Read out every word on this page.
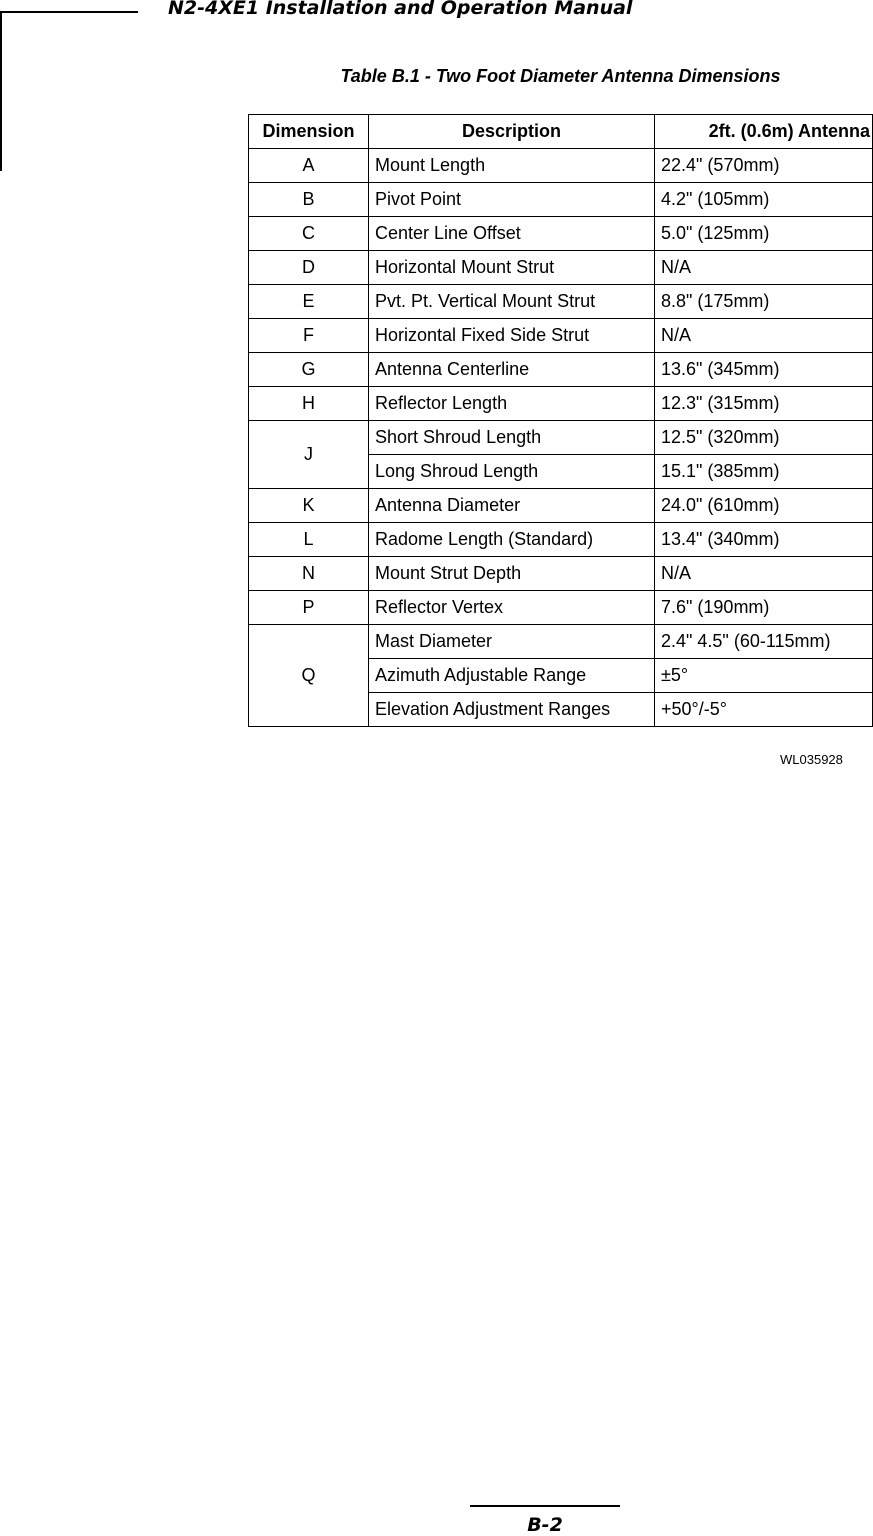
N2-4XE1 Installation and Operation Manual
Table B.1 - Two Foot Diameter Antenna Dimensions
Dimension	Description	2ft. (0.6m) Antenna
A	Mount Length	22.4" (570mm)
B	Pivot Point	4.2" (105mm)
C	Center Line Offset	5.0" (125mm)
D	Horizontal Mount Strut	N/A
E	Pvt. Pt. Vertical Mount Strut	8.8" (175mm)
F	Horizontal Fixed Side Strut	N/A
G	Antenna Centerline	13.6" (345mm)
H	Reflector Length	12.3" (315mm)
J	Short Shroud Length	12.5" (320mm)
	Long Shroud Length	15.1" (385mm)
K	Antenna Diameter	24.0" (610mm)
L	Radome Length (Standard)	13.4" (340mm)
N	Mount Strut Depth	N/A
P	Reflector Vertex	7.6" (190mm)
Q	Mast Diameter	2.4" 4.5" (60-115mm)
	Azimuth Adjustable Range	±5°
	Elevation Adjustment Ranges	+50°/-5°
WL035928
B-2
